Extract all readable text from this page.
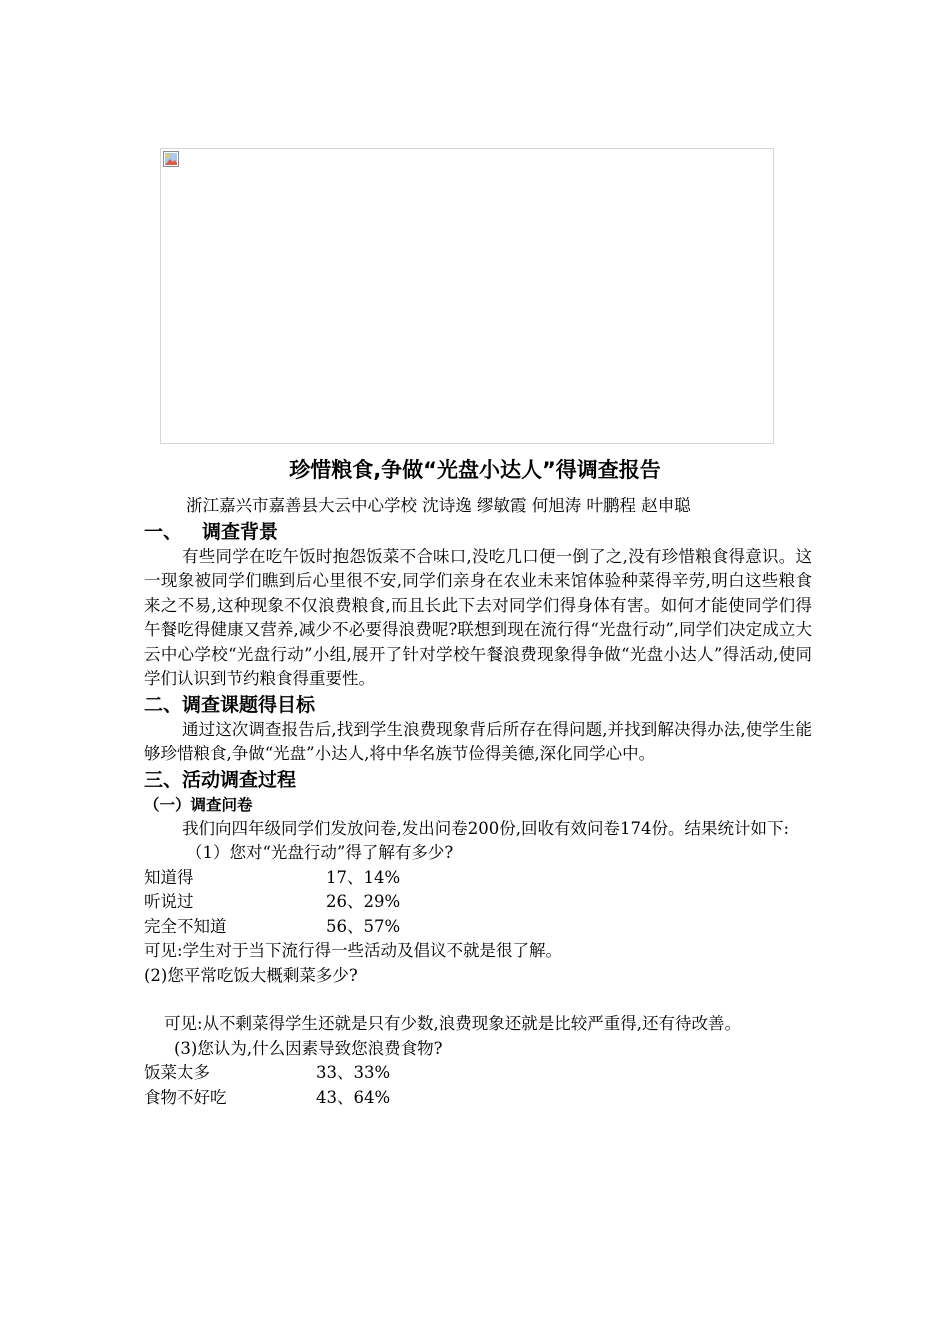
珍惜粮食,争做“光盘小达人”得调查报告

浙江嘉兴市嘉善县大云中心学校 沈诗逸 缪敏霞 何旭涛 叶鹏程 赵申聪

一、 调查背景

有些同学在吃午饭时抱怨饭菜不合味口,没吃几口便一倒了之,没有珍惜粮食得意识。这一现象被同学们瞧到后心里很不安,同学们亲身在农业未来馆体验种菜得辛劳,明白这些粮食来之不易,这种现象不仅浪费粮食,而且长此下去对同学们得身体有害。如何才能使同学们得午餐吃得健康又营养,减少不必要得浪费呢?联想到现在流行得“光盘行动”,同学们决定成立大云中心学校“光盘行动”小组,展开了针对学校午餐浪费现象得争做“光盘小达人”得活动,使同学们认识到节约粮食得重要性。

二、调查课题得目标

通过这次调查报告后,找到学生浪费现象背后所存在得问题,并找到解决得办法,使学生能够珍惜粮食,争做“光盘”小达人,将中华名族节俭得美德,深化同学心中。

三、活动调查过程

（一）调查问卷

我们向四年级同学们发放问卷,发出问卷200份,回收有效问卷174份。结果统计如下:

（1）您对“光盘行动”得了解有多少?

知道得	17、14%
听说过	26、29%
完全不知道	56、57%

可见:学生对于当下流行得一些活动及倡议不就是很了解。

(2)您平常吃饭大概剩菜多少?

可见:从不剩菜得学生还就是只有少数,浪费现象还就是比较严重得,还有待改善。

(3)您认为,什么因素导致您浪费食物?

饭菜太多	33、33%
食物不好吃	43、64%
